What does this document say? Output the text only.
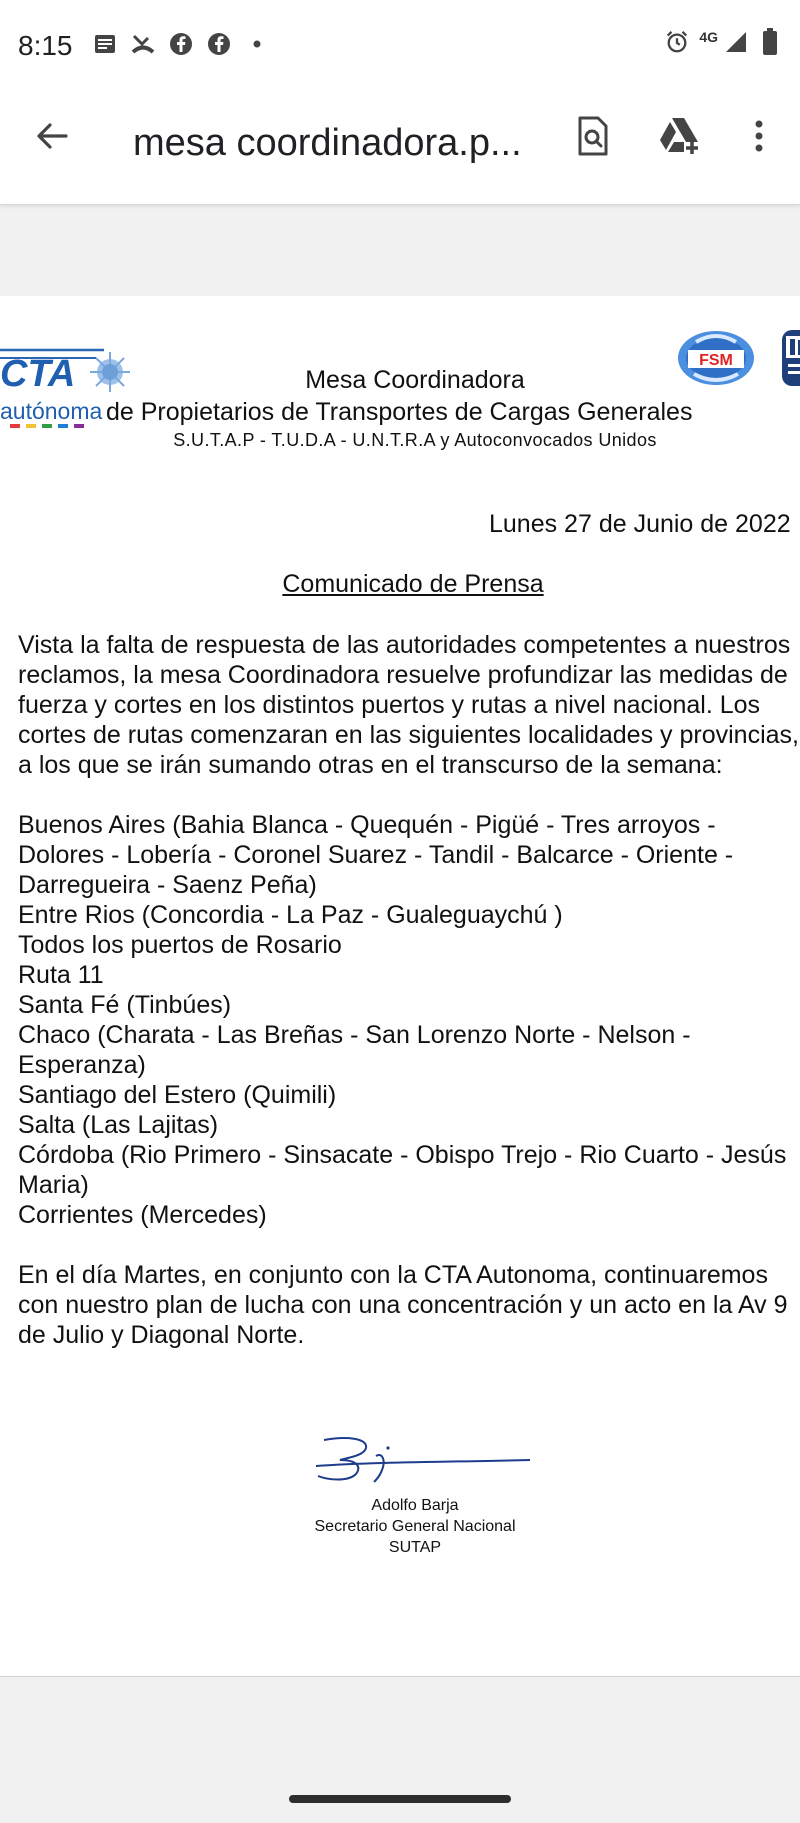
8:15	4G
mesa coordinadora.p...
CTA
autónoma
FSM
Mesa Coordinadora
de Propietarios de Transportes de Cargas Generales
S.U.T.A.P - T.U.D.A - U.N.T.R.A y Autoconvocados Unidos
Lunes 27 de Junio de 2022
Comunicado de Prensa

Vista la falta de respuesta de las autoridades competentes a nuestros reclamos, la mesa Coordinadora resuelve profundizar las medidas de fuerza y cortes en los distintos puertos y rutas a nivel nacional. Los cortes de rutas comenzaran en las siguientes localidades y provincias, a los que se irán sumando otras en el transcurso de la semana:

Buenos Aires (Bahia Blanca - Quequén - Pigüé - Tres arroyos - Dolores - Lobería - Coronel Suarez - Tandil - Balcarce - Oriente - Darregueira - Saenz Peña)

Entre Rios (Concordia - La Paz - Gualeguaychú )

Todos los puertos de Rosario

Ruta 11

Santa Fé (Tinbúes)

Chaco (Charata - Las Breñas - San Lorenzo Norte - Nelson - Esperanza)

Santiago del Estero (Quimili)

Salta (Las Lajitas)

Córdoba (Rio Primero - Sinsacate - Obispo Trejo - Rio Cuarto - Jesús Maria)

Corrientes (Mercedes)

En el día Martes, en conjunto con la CTA Autonoma, continuaremos con nuestro plan de lucha con una concentración y un acto en la Av 9 de Julio y Diagonal Norte.

Adolfo Barja
Secretario General Nacional
SUTAP
